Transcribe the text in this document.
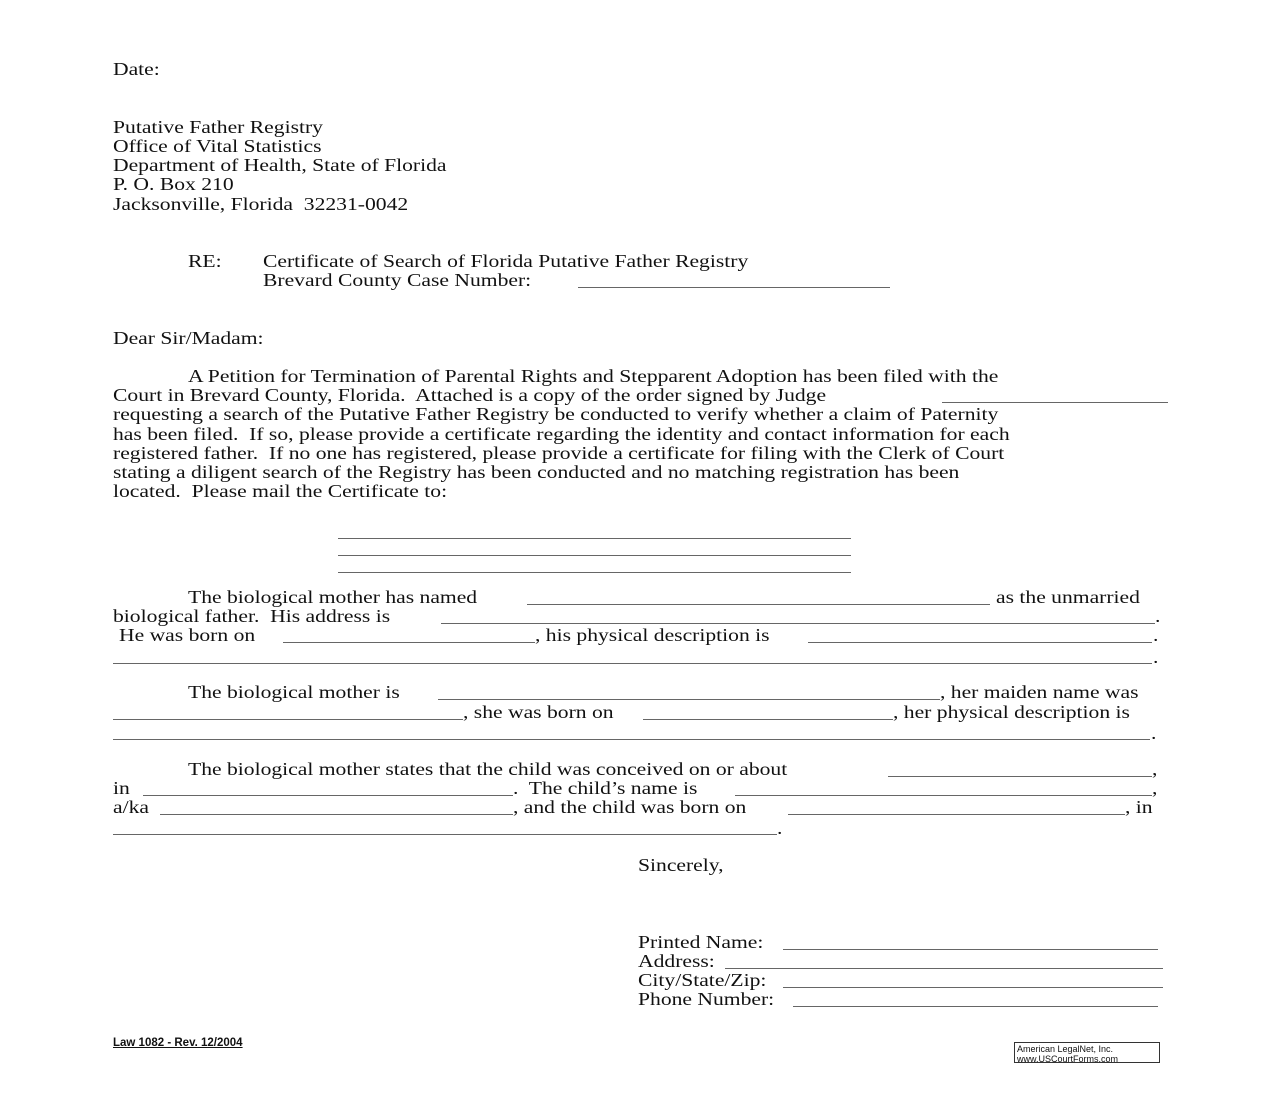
Date:
Putative Father Registry
Office of Vital Statistics
Department of Health, State of Florida
P. O. Box 210
Jacksonville, Florida  32231-0042
RE: Certificate of Search of Florida Putative Father Registry
Brevard County Case Number:
Dear Sir/Madam:
A Petition for Termination of Parental Rights and Stepparent Adoption has been filed with the
Court in Brevard County, Florida.  Attached is a copy of the order signed by Judge
requesting a search of the Putative Father Registry be conducted to verify whether a claim of Paternity
has been filed.  If so, please provide a certificate regarding the identity and contact information for each
registered father.  If no one has registered, please provide a certificate for filing with the Clerk of Court
stating a diligent search of the Registry has been conducted and no matching registration has been
located.  Please mail the Certificate to:
The biological mother has named	as the unmarried
biological father.  His address is	.
He was born on	, his physical description is	.
.
The biological mother is	, her maiden name was
, she was born on	, her physical description is
.
The biological mother states that the child was conceived on or about	,
in	.  The child’s name is	,
a/ka	, and the child was born on	, in
.
Sincerely,
Printed Name:
Address:
City/State/Zip:
Phone Number:
Law 1082 - Rev. 12/2004	American LegalNet, Inc.
www.USCourtForms.com
